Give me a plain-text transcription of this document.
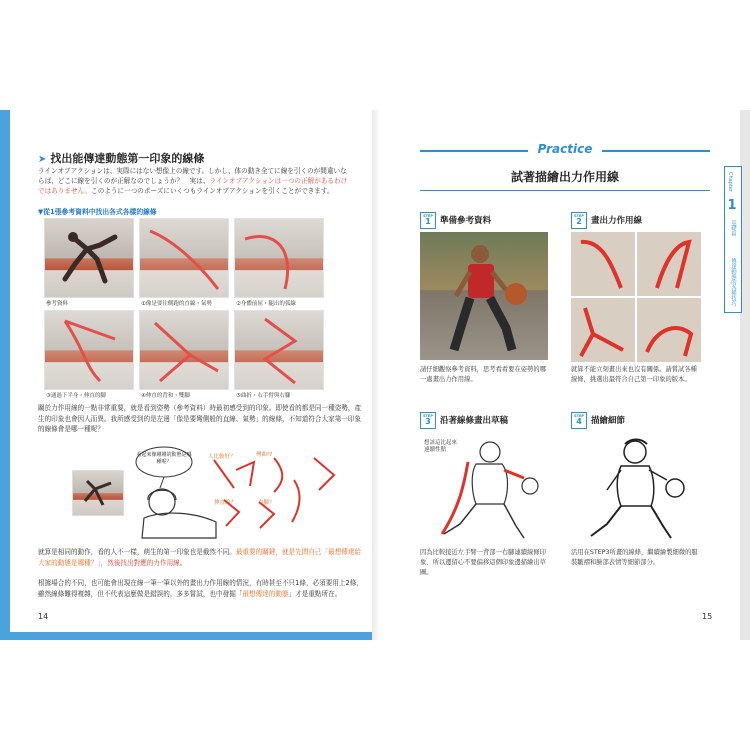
➤ 找出能傳達動態第一印象的線條
ラインオブアクションは、実際にはない想像上の線です。しかし、体の動き全てに線を引くのが間違いな
らば、どこに線を引くのが正解なのでしょうか？　実は、ラインオブアクションは一つの正解があるわけ
ではありません。このように一つのポーズにいくつもラインオブアクションを引くことができます。
▼從1張參考資料中找出各式各樣的線條
參考資料	①像是要往側跑的直線・氣勢	②身體前屈・腿出的弧線
③通過下半身・伸直的腳	④伸直的背和・雙腳	⑤曲折・右手臂與右腳
關於力作用線的一點非常重要，就是看到姿勢（參考資料）時最初感受到的印象。即使看的都是同一種姿勢，產生的印象也會因人而異。我所感受到的是左邊「像是要彎側般的直線、氣勢」的線條，不知道符合大家第一印象的線條會是哪一種呢？
看起來像剛剛的動態是哪種呢？
人比較好？	彎曲!?
伸直的？	直腳？
就算是相同的動作，看的人不一樣，萌生的第一印象也是截然不同。最重要的關鍵，就是先問自己「最想傳達給大家的動態是哪種？」，然後找出對應的力作用線。
根據場合的不同，也可能會出現在線一筆一筆以外的畫出力作用線的情況，有時甚至不只1條，必須要用上2條，雖然線條難得複雜，但不代表這麼做是錯誤的，多多嘗試，也中發掘「最想傳達的動態」才是重點所在。
14
Practice
試著描繪出力作用線
STEP
1	準備參考資料
請仔細觀察參考資料，思考看看要在姿勢的哪一處畫出力作用線。
STEP
2	畫出力作用線
就算不能立刻畫出來也沒有關係。請嘗試各種線條，挑選出最符合自己第一印象的版本。
STEP
3	沿著線條畫出草稿
想該這比起來連續性點
因為比較接近左手臂一背部一右腳連續線條印象，所以邊留心不要偏移這個印象邊描繪出草圖。
STEP
4	描繪細節
活用在STEP3所畫的線條，繼續繪製細微的服裝皺褶和臉部表情等細節部分。
15
Chapter
1
基礎篇
傳達動態的各種技巧
